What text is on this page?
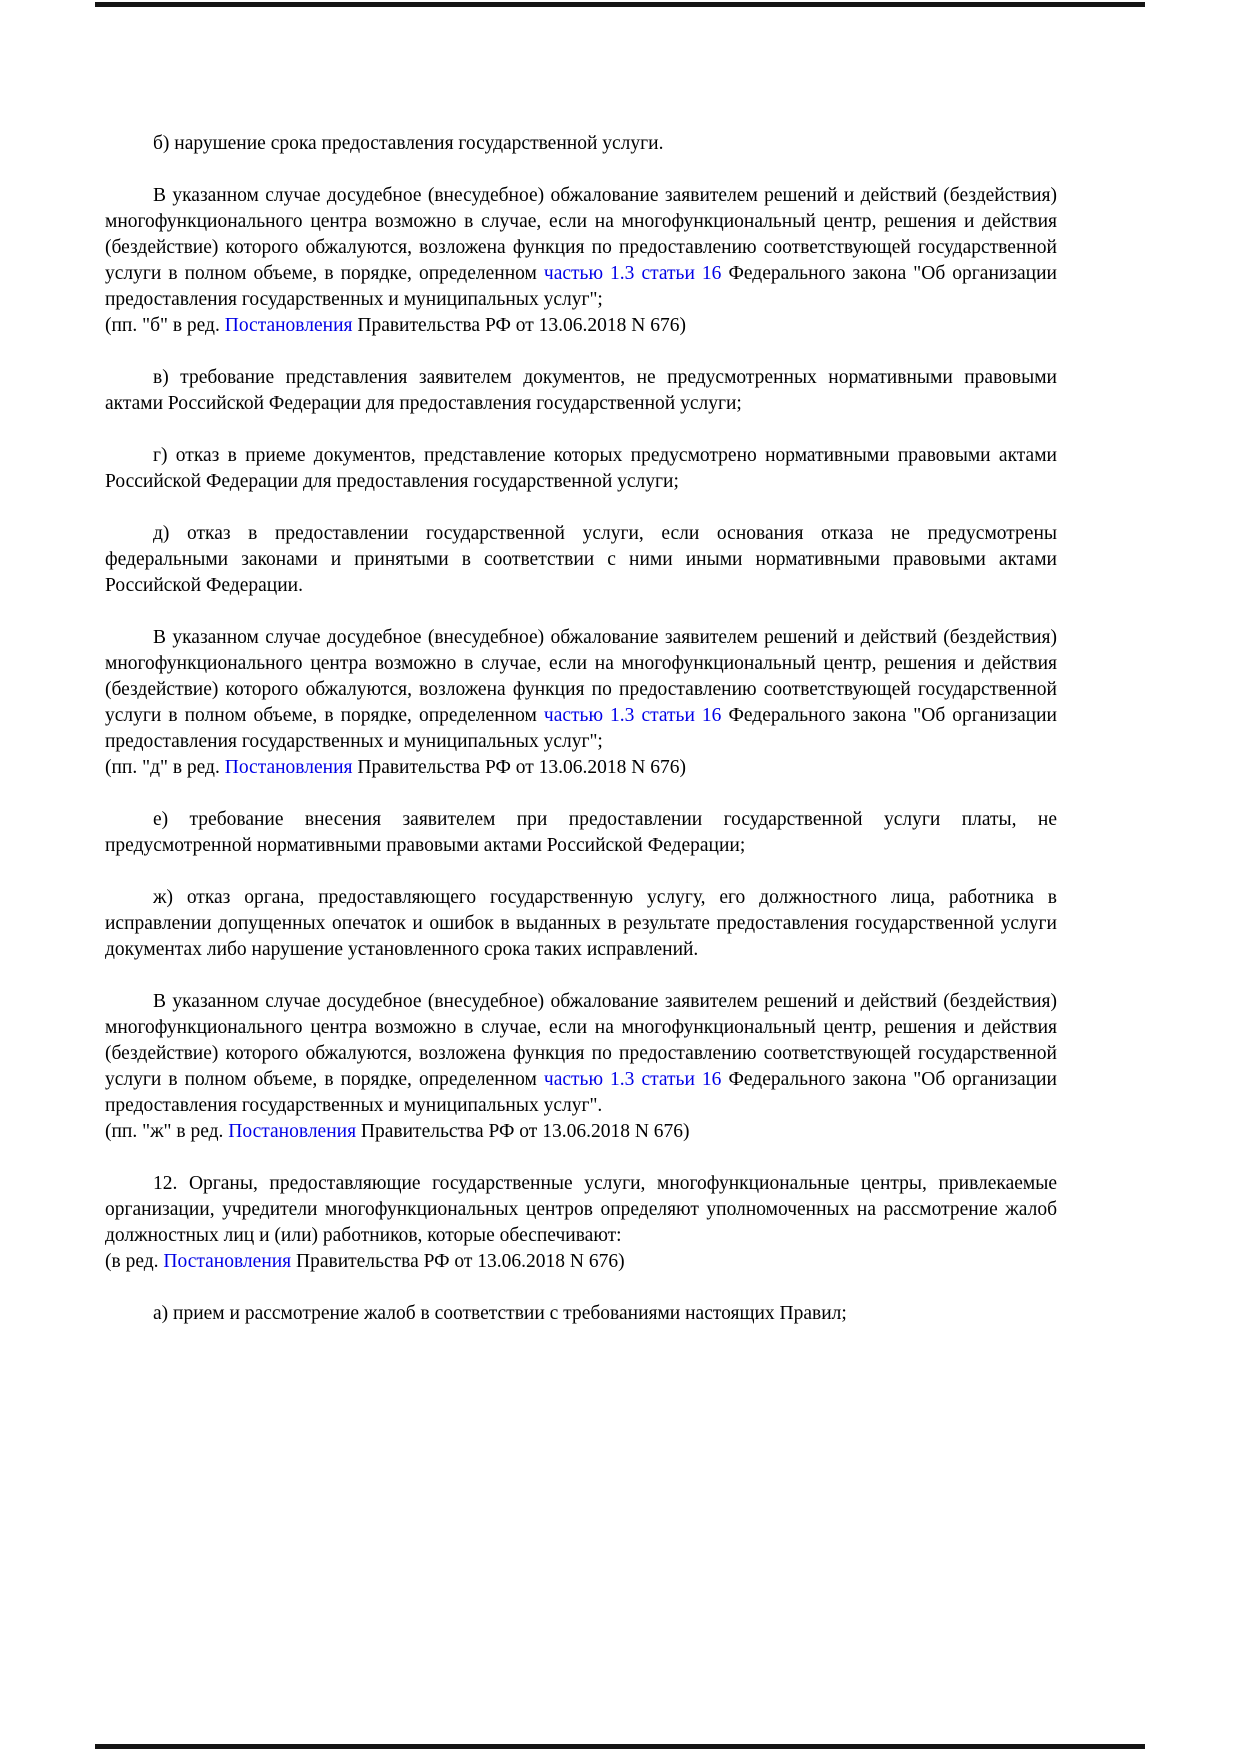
б) нарушение срока предоставления государственной услуги.

В указанном случае досудебное (внесудебное) обжалование заявителем решений и действий (бездействия) многофункционального центра возможно в случае, если на многофункциональный центр, решения и действия (бездействие) которого обжалуются, возложена функция по предоставлению соответствующей государственной услуги в полном объеме, в порядке, определенном частью 1.3 статьи 16 Федерального закона "Об организации предоставления государственных и муниципальных услуг";

(пп. "б" в ред. Постановления Правительства РФ от 13.06.2018 N 676)

в) требование представления заявителем документов, не предусмотренных нормативными правовыми актами Российской Федерации для предоставления государственной услуги;

г) отказ в приеме документов, представление которых предусмотрено нормативными правовыми актами Российской Федерации для предоставления государственной услуги;

д) отказ в предоставлении государственной услуги, если основания отказа не предусмотрены федеральными законами и принятыми в соответствии с ними иными нормативными правовыми актами Российской Федерации.

В указанном случае досудебное (внесудебное) обжалование заявителем решений и действий (бездействия) многофункционального центра возможно в случае, если на многофункциональный центр, решения и действия (бездействие) которого обжалуются, возложена функция по предоставлению соответствующей государственной услуги в полном объеме, в порядке, определенном частью 1.3 статьи 16 Федерального закона "Об организации предоставления государственных и муниципальных услуг";

(пп. "д" в ред. Постановления Правительства РФ от 13.06.2018 N 676)

е) требование внесения заявителем при предоставлении государственной услуги платы, не предусмотренной нормативными правовыми актами Российской Федерации;

ж) отказ органа, предоставляющего государственную услугу, его должностного лица, работника в исправлении допущенных опечаток и ошибок в выданных в результате предоставления государственной услуги документах либо нарушение установленного срока таких исправлений.

В указанном случае досудебное (внесудебное) обжалование заявителем решений и действий (бездействия) многофункционального центра возможно в случае, если на многофункциональный центр, решения и действия (бездействие) которого обжалуются, возложена функция по предоставлению соответствующей государственной услуги в полном объеме, в порядке, определенном частью 1.3 статьи 16 Федерального закона "Об организации предоставления государственных и муниципальных услуг".

(пп. "ж" в ред. Постановления Правительства РФ от 13.06.2018 N 676)

12. Органы, предоставляющие государственные услуги, многофункциональные центры, привлекаемые организации, учредители многофункциональных центров определяют уполномоченных на рассмотрение жалоб должностных лиц и (или) работников, которые обеспечивают:

(в ред. Постановления Правительства РФ от 13.06.2018 N 676)

а) прием и рассмотрение жалоб в соответствии с требованиями настоящих Правил;
